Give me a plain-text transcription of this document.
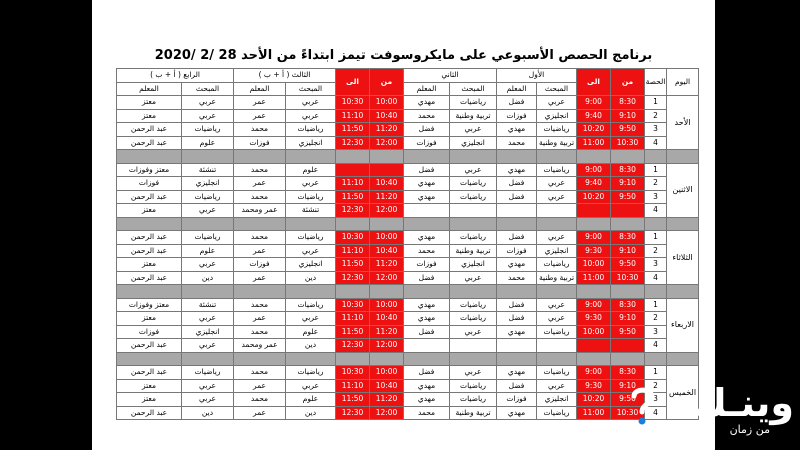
برنامج الحصص الأسبوعي على مايكروسوفت تيمز ابتداءً من الأحد 28 /2 /2020
اليوم	الحصة	من	الى	الأول		الثاني		من	الى	الثالث ( أ + ب )		الرابع ( أ + ب )	
				المبحث	المعلم	المبحث	المعلم			المبحث	المعلم	المبحث	المعلم
الأحد	1	8:30	9:00	عربي	فضل	رياضيات	مهدي	10:00	10:30	عربي	عمر	عربي	معتز
	2	9:10	9:40	انجليزي	فوزات	تربية وطنية	محمد	10:40	11:10	عربي	عمر	عربي	معتز
	3	9:50	10:20	رياضيات	مهدي	عربي	فضل	11:20	11:50	رياضيات	محمد	رياضيات	عبد الرحمن
	4	10:30	11:00	تربية وطنية	محمد	انجليزي	فوزات	12:00	12:30	انجليزي	فوزات	علوم	عبد الرحمن

الاثنين	1	8:30	9:00	رياضيات	مهدي	عربي	فضل			علوم	محمد	تنشئة	معتز وفوزات
	2	9:10	9:40	عربي	فضل	رياضيات	مهدي	10:40	11:10	عربي	عمر	انجليزي	فوزات
	3	9:50	10:20	عربي	فضل	رياضيات	مهدي	11:20	11:50	رياضيات	محمد	رياضيات	عبد الرحمن
	4							12:00	12:30	تنشئة	عمر ومحمد	عربي	معتز

الثلاثاء	1	8:30	9:00	عربي	فضل	رياضيات	مهدي	10:00	10:30	رياضيات	محمد	رياضيات	عبد الرحمن
	2	9:10	9:30	انجليزي	فوزات	تربية وطنية	محمد	10:40	11:10	عربي	عمر	علوم	عبد الرحمن
	3	9:50	10:00	رياضيات	مهدي	انجليزي	فوزات	11:20	11:50	انجليزي	فوزات	عربي	معتز
	4	10:30	11:00	تربية وطنية	محمد	عربي	فضل	12:00	12:30	دين	عمر	دين	عبد الرحمن

الاربعاء	1	8:30	9:00	عربي	فضل	رياضيات	مهدي	10:00	10:30	رياضيات	محمد	تنشئة	معتز وفوزات
	2	9:10	9:30	عربي	فضل	رياضيات	مهدي	10:40	11:10	عربي	عمر	عربي	معتز
	3	9:50	10:00	رياضيات	مهدي	عربي	فضل	11:20	11:50	علوم	محمد	انجليزي	فوزات
	4							12:00	12:30	دين	عمر ومحمد	عربي	عبد الرحمن

الخميس	1	8:30	9:00	رياضيات	مهدي	عربي	فضل	10:00	10:30	رياضيات	محمد	رياضيات	عبد الرحمن
	2	9:10	9:30	عربي	فضل	رياضيات	مهدي	10:40	11:10	عربي	عمر	عربي	معتز
	3	9:50	10:20	انجليزي	فوزات	رياضيات	مهدي	11:20	11:50	علوم	محمد	عربي	معتز
	4	10:30	11:00	رياضيات	مهدي	تربية وطنية	محمد	12:00	12:30	دين	عمر	دين	عبد الرحمن	وينـك
من زمان
